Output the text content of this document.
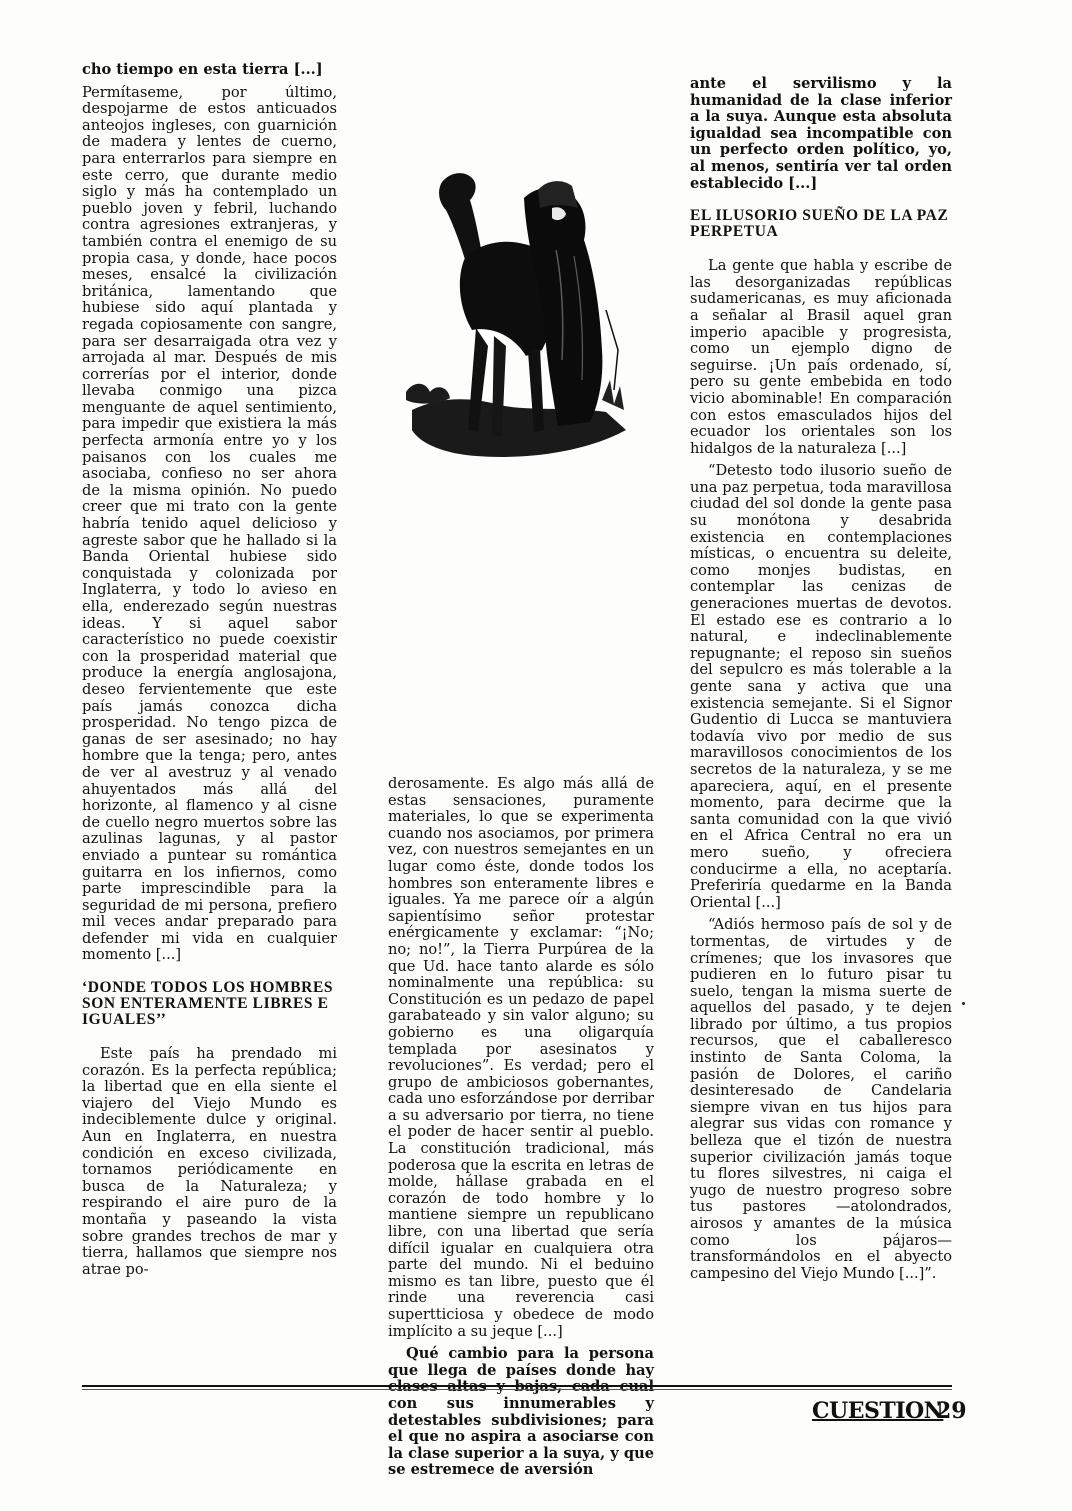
cho tiempo en esta tierra [...]

Permítaseme, por último, despojarme de estos anticuados anteojos ingleses, con guarnición de madera y lentes de cuerno, para enterrarlos para siempre en este cerro, que durante medio siglo y más ha contemplado un pueblo joven y febril, luchando contra agresiones extranjeras, y también contra el enemigo de su propia casa, y donde, hace pocos meses, ensalcé la civilización británica, lamentando que hubiese sido aquí plantada y regada copiosamente con sangre, para ser desarraigada otra vez y arrojada al mar. Después de mis correrías por el interior, donde llevaba conmigo una pizca menguante de aquel sentimiento, para impedir que existiera la más perfecta armonía entre yo y los paisanos con los cuales me asociaba, confieso no ser ahora de la misma opinión. No puedo creer que mi trato con la gente habría tenido aquel delicioso y agreste sabor que he hallado si la Banda Oriental hubiese sido conquistada y colonizada por Inglaterra, y todo lo avieso en ella, enderezado según nuestras ideas. Y si aquel sabor característico no puede coexistir con la prosperidad material que produce la energía anglosajona, deseo fervientemente que este país jamás conozca dicha prosperidad. No tengo pizca de ganas de ser asesinado; no hay hombre que la tenga; pero, antes de ver al avestruz y al venado ahuyentados más allá del horizonte, al flamenco y al cisne de cuello negro muertos sobre las azulinas lagunas, y al pastor enviado a puntear su romántica guitarra en los infiernos, como parte imprescindible para la seguridad de mi persona, prefiero mil veces andar preparado para defender mi vida en cualquier momento [...]

‘DONDE TODOS LOS HOMBRES SON ENTERAMENTE LIBRES E IGUALES’’

Este país ha prendado mi corazón. Es la perfecta república; la libertad que en ella siente el viajero del Viejo Mundo es indeciblemente dulce y original. Aun en Inglaterra, en nuestra condición en exceso civilizada, tornamos periódicamente en busca de la Naturaleza; y respirando el aire puro de la montaña y paseando la vista sobre grandes trechos de mar y tierra, hallamos que siempre nos atrae po-

derosamente. Es algo más allá de estas sensaciones, puramente materiales, lo que se experimenta cuando nos asociamos, por primera vez, con nuestros semejantes en un lugar como éste, donde todos los hombres son enteramente libres e iguales. Ya me parece oír a algún sapientísimo señor protestar enérgicamente y exclamar: “¡No; no; no!”, la Tierra Purpúrea de la que Ud. hace tanto alarde es sólo nominalmente una república: su Constitución es un pedazo de papel garabateado y sin valor alguno; su gobierno es una oligarquía templada por asesinatos y revoluciones”. Es verdad; pero el grupo de ambiciosos gobernantes, cada uno esforzándose por derribar a su adversario por tierra, no tiene el poder de hacer sentir al pueblo. La constitución tradicional, más poderosa que la escrita en letras de molde, hállase grabada en el corazón de todo hombre y lo mantiene siempre un republicano libre, con una libertad que sería difícil igualar en cualquiera otra parte del mundo. Ni el beduino mismo es tan libre, puesto que él rinde una reverencia casi supertticiosa y obedece de modo implícito a su jeque [...]

Qué cambio para la persona que llega de países donde hay clases altas y bajas, cada cual con sus innumerables y detestables subdivisiones; para el que no aspira a asociarse con la clase superior a la suya, y que se estremece de aversión

ante el servilismo y la humanidad de la clase inferior a la suya. Aunque esta absoluta igualdad sea incompatible con un perfecto orden político, yo, al menos, sentiría ver tal orden establecido [...]

EL ILUSORIO SUEÑO DE LA PAZ PERPETUA

La gente que habla y escribe de las desorganizadas repúblicas sudamericanas, es muy aficionada a señalar al Brasil aquel gran imperio apacible y progresista, como un ejemplo digno de seguirse. ¡Un país ordenado, sí, pero su gente embebida en todo vicio abominable! En comparación con estos emasculados hijos del ecuador los orientales son los hidalgos de la naturaleza [...]

“Detesto todo ilusorio sueño de una paz perpetua, toda maravillosa ciudad del sol donde la gente pasa su monótona y desabrida existencia en contemplaciones místicas, o encuentra su deleite, como monjes budistas, en contemplar las cenizas de generaciones muertas de devotos. El estado ese es contrario a lo natural, e indeclinablemente repugnante; el reposo sin sueños del sepulcro es más tolerable a la gente sana y activa que una existencia semejante. Si el Signor Gudentio di Lucca se mantuviera todavía vivo por medio de sus maravillosos conocimientos de los secretos de la naturaleza, y se me apareciera, aquí, en el presente momento, para decirme que la santa comunidad con la que vivió en el Africa Central no era un mero sueño, y ofreciera conducirme a ella, no aceptaría. Preferiría quedarme en la Banda Oriental [...]

“Adiós hermoso país de sol y de tormentas, de virtudes y de crímenes; que los invasores que pudieren en lo futuro pisar tu suelo, tengan la misma suerte de aquellos del pasado, y te dejen librado por último, a tus propios recursos, que el caballeresco instinto de Santa Coloma, la pasión de Dolores, el cariño desinteresado de Candelaria siempre vivan en tus hijos para alegrar sus vidas con romance y belleza que el tizón de nuestra superior civilización jamás toque tu flores silvestres, ni caiga el yugo de nuestro progreso sobre tus pastores —atolondrados, airosos y amantes de la música como los pájaros— transformándolos en el abyecto campesino del Viejo Mundo [...]”.

CUESTION
29
